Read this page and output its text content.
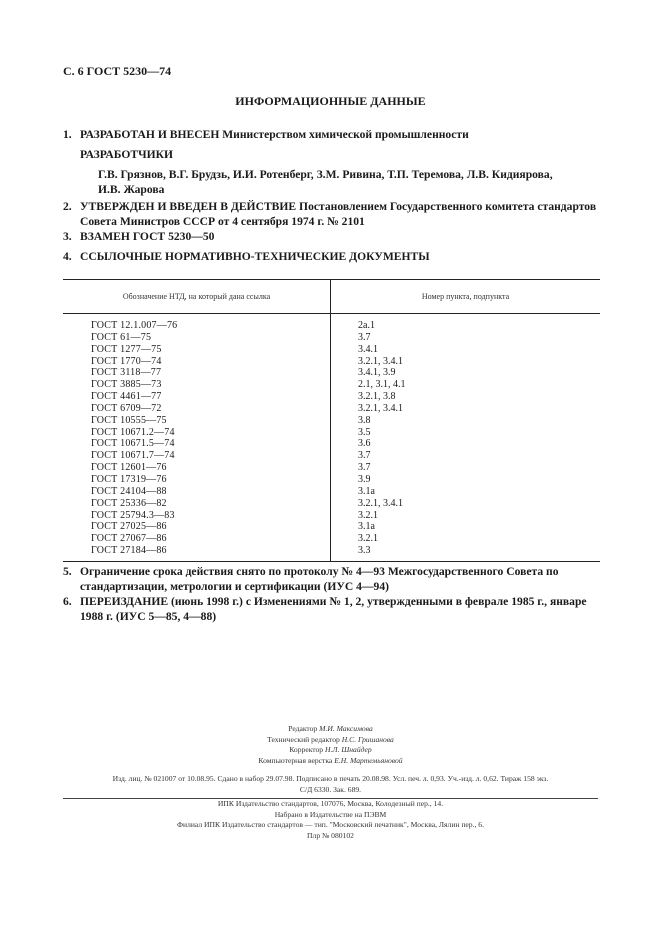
С. 6 ГОСТ 5230—74
ИНФОРМАЦИОННЫЕ ДАННЫЕ
1. РАЗРАБОТАН И ВНЕСЕН Министерством химической промышленности
РАЗРАБОТЧИКИ
Г.В. Грязнов, В.Г. Брудзь, И.И. Ротенберг, З.М. Ривина, Т.П. Теремова, Л.В. Кидиярова,
И.В. Жарова
2. УТВЕРЖДЕН И ВВЕДЕН В ДЕЙСТВИЕ Постановлением Государственного комитета стандартов Совета Министров СССР от 4 сентября 1974 г. № 2101
3. ВЗАМЕН ГОСТ 5230—50
4. ССЫЛОЧНЫЕ НОРМАТИВНО-ТЕХНИЧЕСКИЕ ДОКУМЕНТЫ
Обозначение НТД, на который дана ссылка	Номер пункта, подпункта
ГОСТ 12.1.007—76	2а.1
ГОСТ 61—75	3.7
ГОСТ 1277—75	3.4.1
ГОСТ 1770—74	3.2.1, 3.4.1
ГОСТ 3118—77	3.4.1, 3.9
ГОСТ 3885—73	2.1, 3.1, 4.1
ГОСТ 4461—77	3.2.1, 3.8
ГОСТ 6709—72	3.2.1, 3.4.1
ГОСТ 10555—75	3.8
ГОСТ 10671.2—74	3.5
ГОСТ 10671.5—74	3.6
ГОСТ 10671.7—74	3.7
ГОСТ 12601—76	3.7
ГОСТ 17319—76	3.9
ГОСТ 24104—88	3.1а
ГОСТ 25336—82	3.2.1, 3.4.1
ГОСТ 25794.3—83	3.2.1
ГОСТ 27025—86	3.1а
ГОСТ 27067—86	3.2.1
ГОСТ 27184—86	3.3
5. Ограничение срока действия снято по протоколу № 4—93 Межгосударственного Совета по стандартизации, метрологии и сертификации (ИУС 4—94)
6. ПЕРЕИЗДАНИЕ (июнь 1998 г.) с Изменениями № 1, 2, утвержденными в феврале 1985 г., январе 1988 г. (ИУС 5—85, 4—88)
Редактор М.И. Максимова
Технический редактор Н.С. Гришанова
Корректор Н.Л. Шнайдер
Компьютерная верстка Е.Н. Мартемьяновой
Изд. лиц. № 021007 от 10.08.95. Сдано в набор 29.07.98. Подписано в печать 20.08.98. Усл. печ. л. 0,93. Уч.-изд. л. 0,62. Тираж 158 экз.
С/Д 6330. Зак. 689.
ИПК Издательство стандартов, 107076, Москва, Колодезный пер., 14.
Набрано в Издательстве на ПЭВМ
Филиал ИПК Издательство стандартов — тип. "Московский печатник", Москва, Лялин пер., 6.
Плр № 080102
